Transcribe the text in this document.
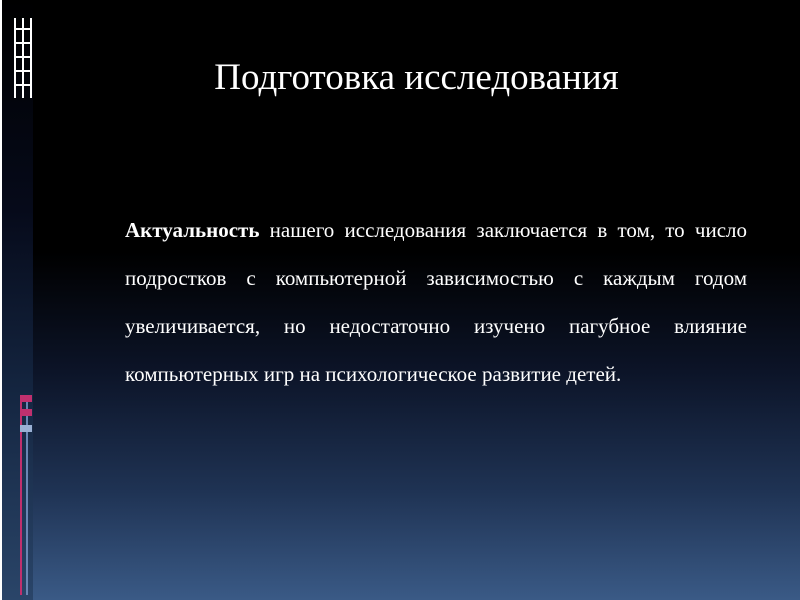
Подготовка исследования
Актуальность нашего исследования заключается в том, то число подростков с компьютерной зависимостью с каждым годом увеличивается, но недостаточно изучено пагубное влияние компьютерных игр на психологическое развитие детей.
